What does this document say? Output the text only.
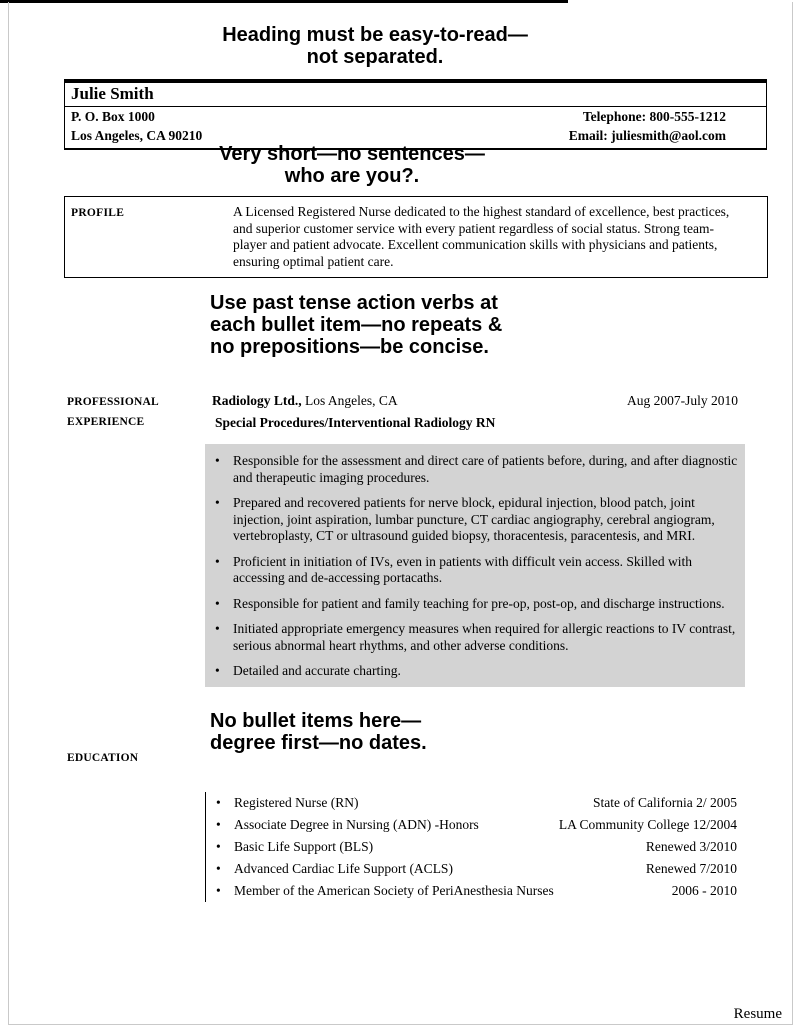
Heading must be easy-to-read—
not separated.
Julie Smith
P. O. Box 1000	Telephone: 800-555-1212
Los Angeles, CA 90210	Email: juliesmith@aol.com
Very short—no sentences—
who are you?.
PROFILE	A Licensed Registered Nurse dedicated to the highest standard of excellence, best practices, and superior customer service with every patient regardless of social status. Strong team-player and patient advocate. Excellent communication skills with physicians and patients, ensuring optimal patient care.
Use past tense action verbs at
each bullet item—no repeats &
no prepositions—be concise.
PROFESSIONAL
EXPERIENCE
Radiology Ltd., Los Angeles, CA	Aug 2007-July 2010
Special Procedures/Interventional Radiology RN
• Responsible for the assessment and direct care of patients before, during, and after diagnostic and therapeutic imaging procedures.
• Prepared and recovered patients for nerve block, epidural injection, blood patch, joint injection, joint aspiration, lumbar puncture, CT cardiac angiography, cerebral angiogram, vertebroplasty, CT or ultrasound guided biopsy, thoracentesis, paracentesis, and MRI.
• Proficient in initiation of IVs, even in patients with difficult vein access. Skilled with accessing and de-accessing portacaths.
• Responsible for patient and family teaching for pre-op, post-op, and discharge instructions.
• Initiated appropriate emergency measures when required for allergic reactions to IV contrast, serious abnormal heart rhythms, and other adverse conditions.
• Detailed and accurate charting.
No bullet items here—
degree first—no dates.
EDUCATION
• Registered Nurse (RN)	State of California 2/ 2005
• Associate Degree in Nursing (ADN) -Honors	LA Community College 12/2004
• Basic Life Support (BLS)	Renewed 3/2010
• Advanced Cardiac Life Support (ACLS)	Renewed 7/2010
• Member of the American Society of PeriAnesthesia Nurses	2006 - 2010
Resume
